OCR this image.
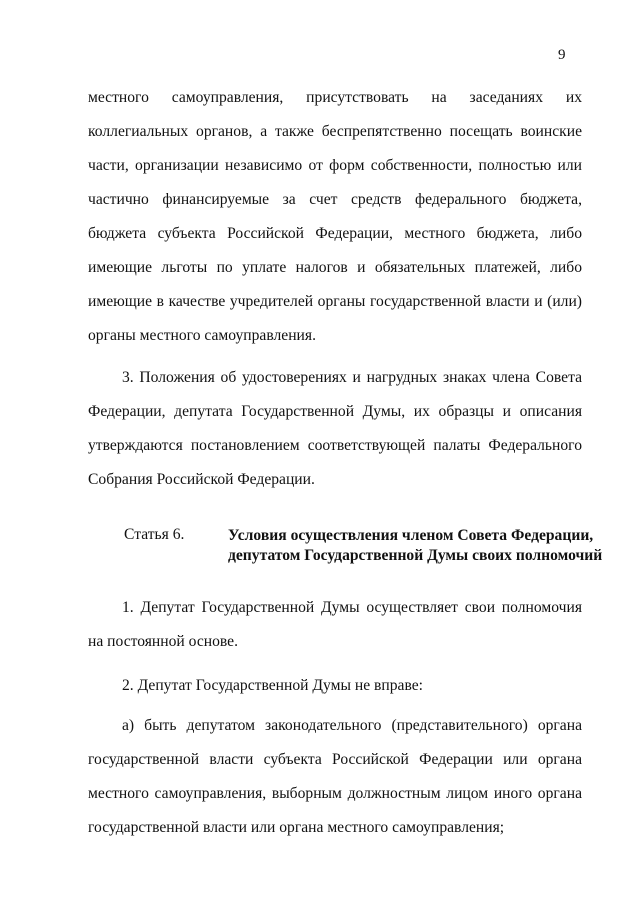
9
местного самоуправления, присутствовать на заседаниях их
коллегиальных органов, а также беспрепятственно посещать воинские
части, организации независимо от форм собственности, полностью или
частично финансируемые за счет средств федерального бюджета,
бюджета субъекта Российской Федерации, местного бюджета, либо
имеющие льготы по уплате налогов и обязательных платежей, либо
имеющие в качестве учредителей органы государственной власти и (или)
органы местного самоуправления.
3. Положения об удостоверениях и нагрудных знаках члена Совета
Федерации, депутата Государственной Думы, их образцы и описания
утверждаются постановлением соответствующей палаты Федерального
Собрания Российской Федерации.
Статья 6.	Условия осуществления членом Совета Федерации,
депутатом Государственной Думы своих полномочий
1. Депутат Государственной Думы осуществляет свои полномочия
на постоянной основе.
2. Депутат Государственной Думы не вправе:
а) быть депутатом законодательного (представительного) органа
государственной власти субъекта Российской Федерации или органа
местного самоуправления, выборным должностным лицом иного органа
государственной власти или органа местного самоуправления;
